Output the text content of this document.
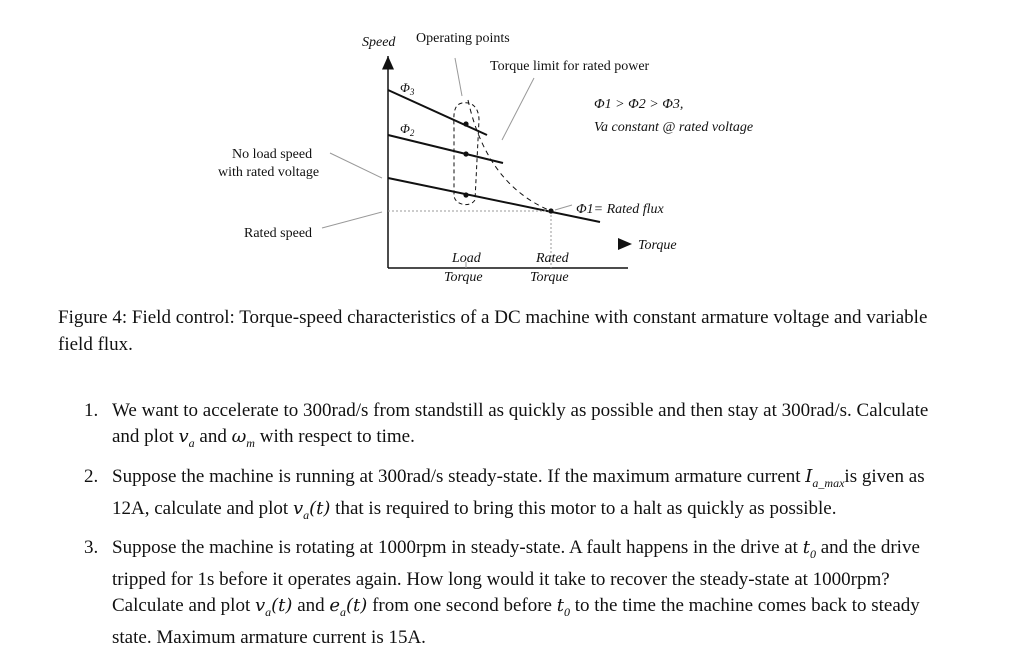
Speed Operating points
Torque limit for rated power
$\Phi_3$
$\Phi_2$
Φ1 > Φ2 > Φ3,
Va constant @ rated voltage
No load speed
with rated voltage
Φ1= Rated flux
Rated speed
Torque
Load
Torque
Rated
Torque
Figure 4: Field control: Torque-speed characteristics of a DC machine with constant armature voltage and variable field flux.
1. We want to accelerate to 300rad/s from standstill as quickly as possible and then stay at 300rad/s. Calculate and plot $v_a$ and $\omega_m$ with respect to time.
2. Suppose the machine is running at 300rad/s steady-state. If the maximum armature current $I_{a\_max}is$ given as 12A, calculate and plot $v_a(t)$ that is required to bring this motor to a halt as quickly as possible.
3. Suppose the machine is rotating at 1000rpm in steady-state. A fault happens in the drive at $t_0$ and the drive tripped for 1s before it operates again. How long would it take to recover the steady-state at 1000rpm? Calculate and plot $v_a(t)$ and $e_a(t)$ from one second before $t_0$ to the time the machine comes back to steady state. Maximum armature current is 15A.
